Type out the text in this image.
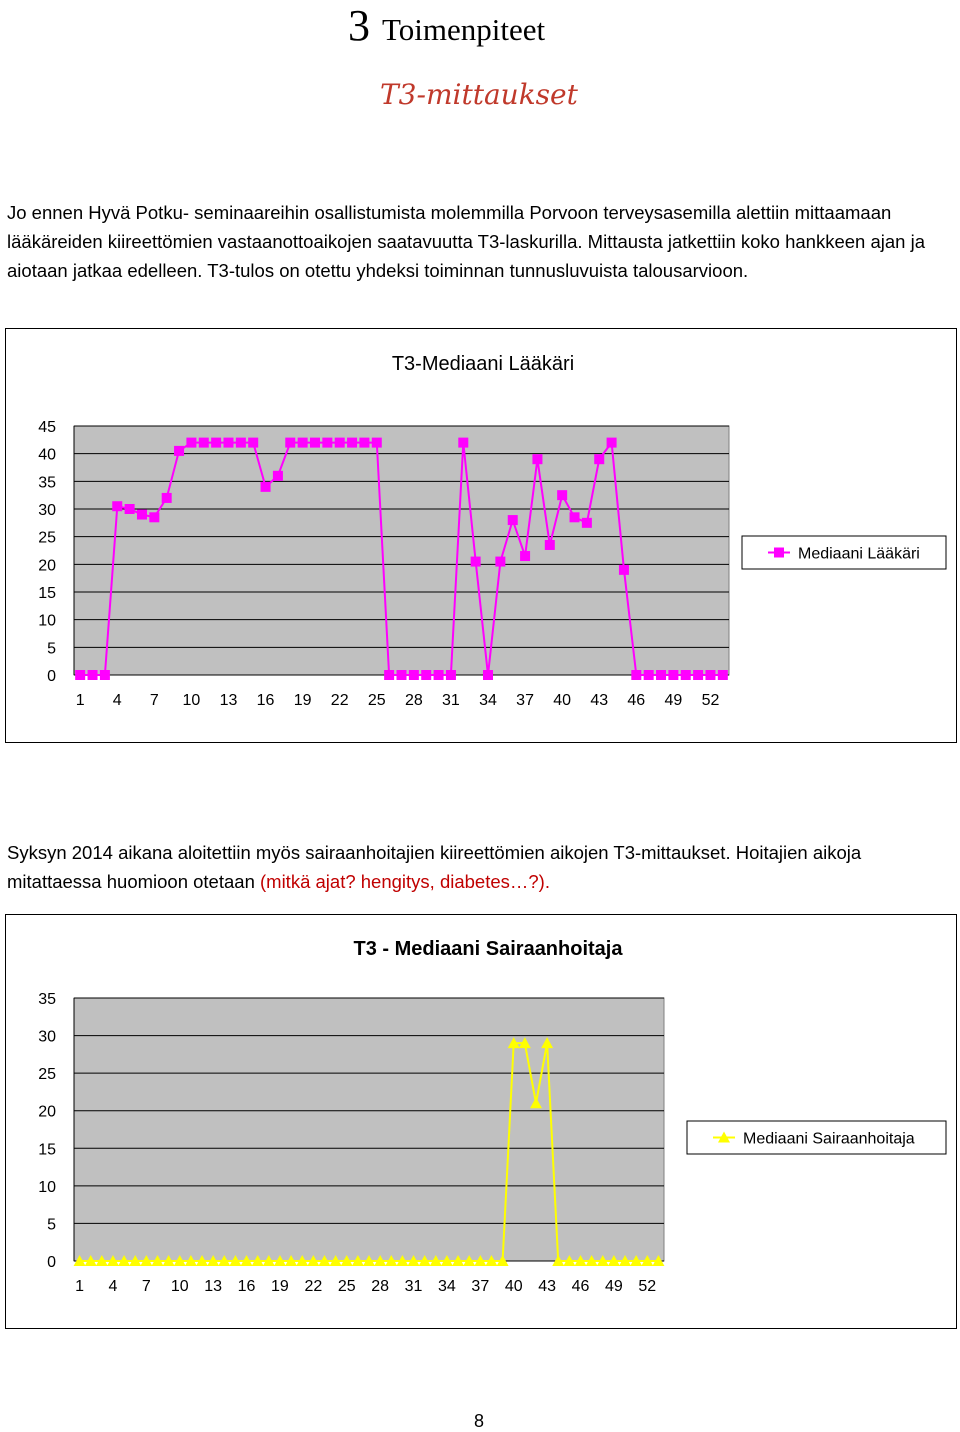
3 Toimenpiteet
T3-mittaukset

Jo ennen Hyvä Potku- seminaareihin osallistumista molemmilla Porvoon terveysasemilla alettiin mittaamaan lääkäreiden kiireettömien vastaanottoaikojen saatavuutta T3-laskurilla. Mittausta jatkettiin koko hankkeen ajan ja aiotaan jatkaa edelleen. T3-tulos on otettu yhdeksi toiminnan tunnusluvuista talousarvioon.

T3-Mediaani Lääkäri
0
5
10
15
20
25
30
35
40
45
1 4 7 10 13 16 19 22 25 28 31 34 37 40 43 46 49 52
Mediaani Lääkäri

Syksyn 2014 aikana aloitettiin myös sairaanhoitajien kiireettömien aikojen T3-mittaukset. Hoitajien aikoja mitattaessa huomioon otetaan (mitkä ajat? hengitys, diabetes…?).

T3 - Mediaani Sairaanhoitaja
0
5
10
15
20
25
30
35
1 4 7 10 13 16 19 22 25 28 31 34 37 40 43 46 49 52
Mediaani Sairaanhoitaja
8
